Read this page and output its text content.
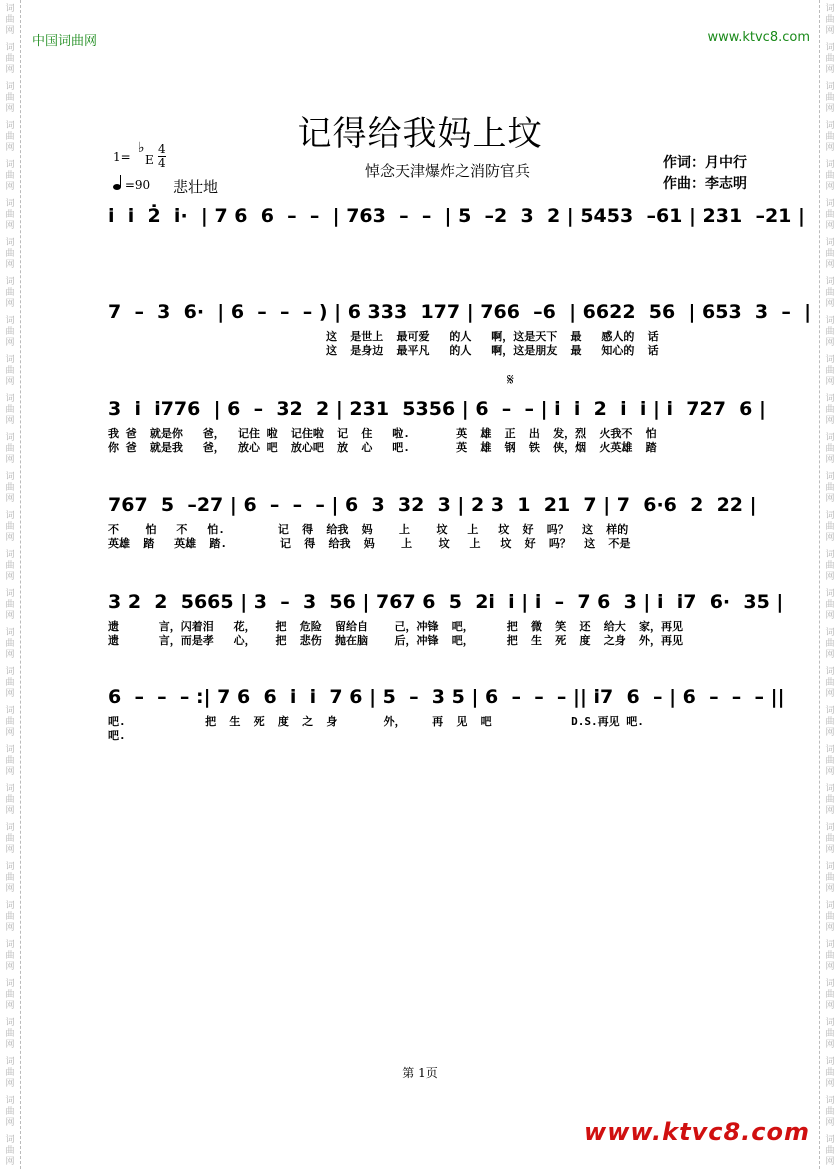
词
曲
网
词
曲
网
词
曲
网
词
曲
网
词
曲
网
词
曲
网
词
曲
网
词
曲
网
词
曲
网
词
曲
网
词
曲
网
词
曲
网
词
曲
网
词
曲
网
词
曲
网
词
曲
网
词
曲
网
词
曲
网
词
曲
网
词
曲
网
词
曲
网
词
曲
网
词
曲
网
词
曲
网
词
曲
网
词
曲
网
词
曲
网
词
曲
网
词
曲
网
词
曲
网
词
曲
网
词
曲
网
词
曲
网
词
曲
网
词
曲
网
词
曲
网
词
曲
网
词
曲
网
词
曲
网
词
曲
网
词
曲
网
词
曲
网
词
曲
网
词
曲
网
词
曲
网
词
曲
网
词
曲
网
词
曲
网
词
曲
网
词
曲
网
词
曲
网
词
曲
网
词
曲
网
词
曲
网
词
曲
网
词
曲
网
词
曲
网
词
曲
网
词
曲
网
词
曲
网
中国词曲网	www.ktvc8.com
记得给我妈上坟
1=
♭
E
4
4
=90 悲壮地
悼念天津爆炸之消防官兵	作词：月中行
作曲：李志明
𝄋
i  i  2̇  i·  | 7 6  6  –  –  | 763  –  –  | 5  –2  3  2 | 5453  –61 | 231  –21 |
7  –  3  6·  | 6  –  –  – ) | 6 333  177 | 766  –6  | 6622  56  | 653  3  –  |
这  是世上  最可爱   的人   啊，这是天下  最   感人的  话
这  是身边  最平凡   的人   啊，这是朋友  最   知心的  话
3  i  i776  | 6  –  32  2 | 231  5356 | 6  –  – | i  i  2  i  i | i  727  6 |
我 爸  就是你   爸，  记住 啦  记住啦  记  住   啦.       英  雄  正  出  发，烈  火我不  怕
你 爸  就是我   爸，  放心 吧  放心吧  放  心   吧.       英  雄  钢  铁  侠，烟  火英雄  踏
767  5  –27 | 6  –  –  – | 6  3  32  3 | 2 3  1  21  7 | 7  6·6  2  22 |
不    怕   不   怕.        记  得  给我  妈    上    坟   上   坟  好  吗？  这  样的
英雄  踏   英雄  踏.        记  得  给我  妈    上    坟   上   坟  好  吗？  这  不是
3 2  2  5665 | 3  –  3  56 | 767 6  5  2i  i | i  –  7 6  3 | i  i7  6·  35 |
遗      言，闪着泪   花，   把  危险  留给自    己，冲锋  吧，     把  微  笑  还  给大  家，再见
遗      言，而是孝   心，   把  悲伤  抛在脑    后，冲锋  吧，     把  生  死  度  之身  外，再见
6  –  –  – :| 7 6  6  i  i  7 6 | 5  –  3 5 | 6  –  –  – || i7  6  – | 6  –  –  – ||
吧.            把  生  死  度  之  身       外，    再  见  吧            D.S.再见 吧.
吧.
第 1页
www.ktvc8.com
